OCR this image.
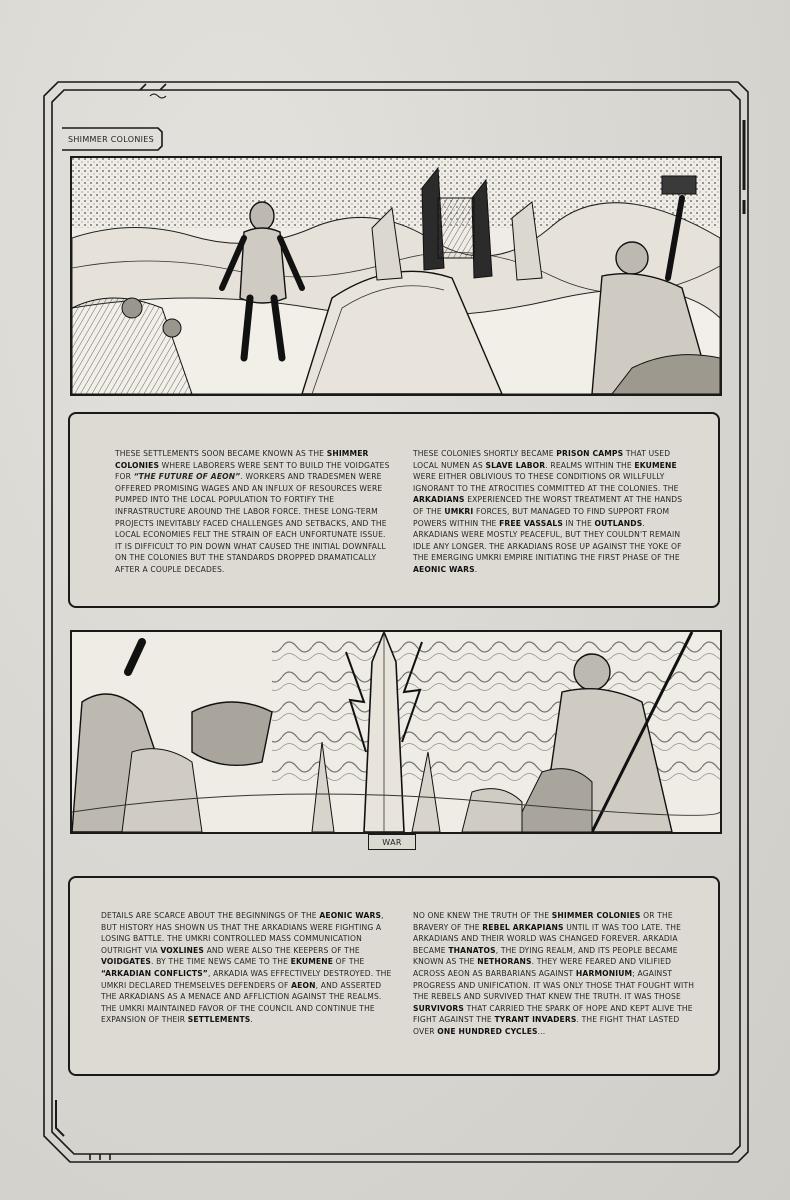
SHIMMER COLONIES
THESE SETTLEMENTS SOON BECAME KNOWN AS THE SHIMMER COLONIES WHERE LABORERS WERE SENT TO BUILD THE VOIDGATES FOR “THE FUTURE OF AEON”. WORKERS AND TRADESMEN WERE OFFERED PROMISING WAGES AND AN INFLUX OF RESOURCES WERE PUMPED INTO THE LOCAL POPULATION TO FORTIFY THE INFRASTRUCTURE AROUND THE LABOR FORCE. THESE LONG-TERM PROJECTS INEVITABLY FACED CHALLENGES AND SETBACKS, AND THE LOCAL ECONOMIES FELT THE STRAIN OF EACH UNFORTUNATE ISSUE. IT IS DIFFICULT TO PIN DOWN WHAT CAUSED THE INITIAL DOWNFALL ON THE COLONIES BUT THE STANDARDS DROPPED DRAMATICALLY AFTER A COUPLE DECADES.
THESE COLONIES SHORTLY BECAME PRISON CAMPS THAT USED LOCAL NUMEN AS SLAVE LABOR. REALMS WITHIN THE EKUMENE WERE EITHER OBLIVIOUS TO THESE CONDITIONS OR WILLFULLY IGNORANT TO THE ATROCITIES COMMITTED AT THE COLONIES. THE ARKADIANS EXPERIENCED THE WORST TREATMENT AT THE HANDS OF THE UMKRI FORCES, BUT MANAGED TO FIND SUPPORT FROM POWERS WITHIN THE FREE VASSALS IN THE OUTLANDS. ARKADIANS WERE MOSTLY PEACEFUL, BUT THEY COULDN'T REMAIN IDLE ANY LONGER. THE ARKADIANS ROSE UP AGAINST THE YOKE OF THE EMERGING UMKRI EMPIRE INITIATING THE FIRST PHASE OF THE AEONIC WARS.
WAR
DETAILS ARE SCARCE ABOUT THE BEGINNINGS OF THE AEONIC WARS, BUT HISTORY HAS SHOWN US THAT THE ARKADIANS WERE FIGHTING A LOSING BATTLE. THE UMKRI CONTROLLED MASS COMMUNICATION OUTRIGHT VIA VOXLINES AND WERE ALSO THE KEEPERS OF THE VOIDGATES. BY THE TIME NEWS CAME TO THE EKUMENE OF THE “ARKADIAN CONFLICTS”, ARKADIA WAS EFFECTIVELY DESTROYED. THE UMKRI DECLARED THEMSELVES DEFENDERS OF AEON, AND ASSERTED THE ARKADIANS AS A MENACE AND AFFLICTION AGAINST THE REALMS. THE UMKRI MAINTAINED FAVOR OF THE COUNCIL AND CONTINUE THE EXPANSION OF THEIR SETTLEMENTS.
NO ONE KNEW THE TRUTH OF THE SHIMMER COLONIES OR THE BRAVERY OF THE REBEL ARKAPIANS UNTIL IT WAS TOO LATE. THE ARKADIANS AND THEIR WORLD WAS CHANGED FOREVER. ARKADIA BECAME THANATOS, THE DYING REALM, AND ITS PEOPLE BECAME KNOWN AS THE NETHORANS. THEY WERE FEARED AND VILIFIED ACROSS AEON AS BARBARIANS AGAINST HARMONIUM; AGAINST PROGRESS AND UNIFICATION. IT WAS ONLY THOSE THAT FOUGHT WITH THE REBELS AND SURVIVED THAT KNEW THE TRUTH. IT WAS THOSE SURVIVORS THAT CARRIED THE SPARK OF HOPE AND KEPT ALIVE THE FIGHT AGAINST THE TYRANT INVADERS. THE FIGHT THAT LASTED OVER ONE HUNDRED CYCLES...
